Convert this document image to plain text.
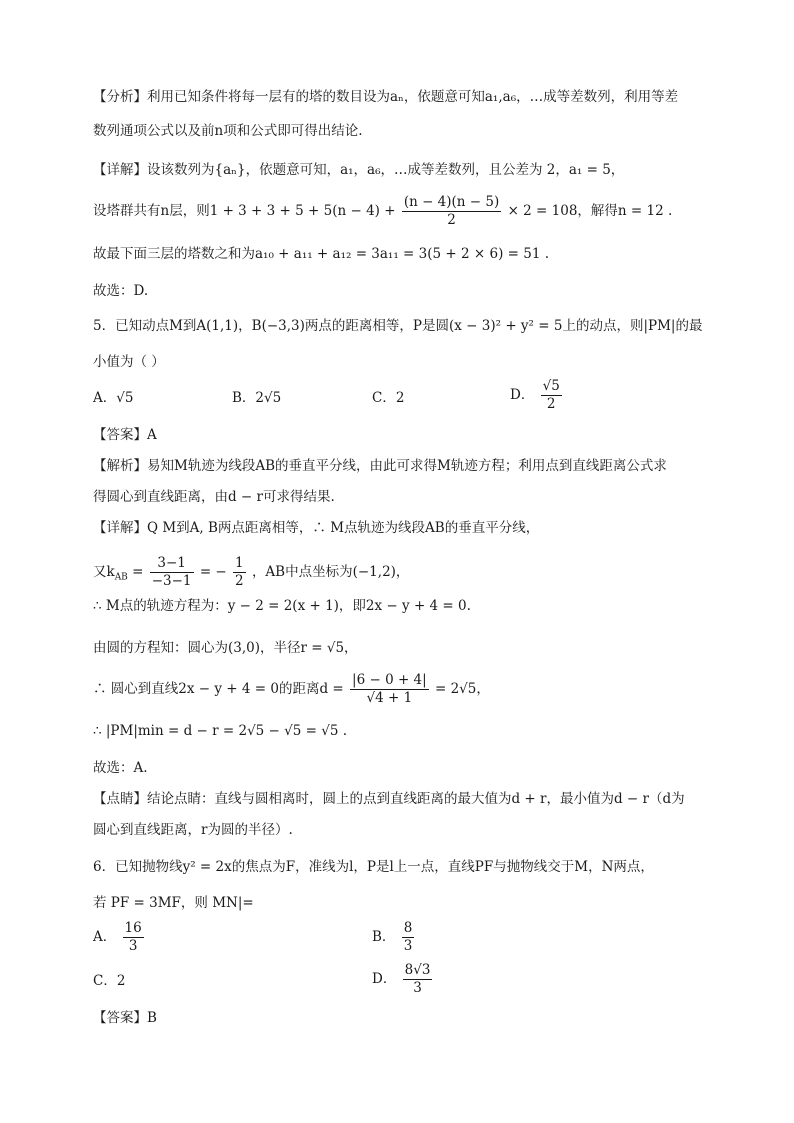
【分析】利用已知条件将每一层有的塔的数目设为aₙ，依题意可知a₁,a₆，…成等差数列，利用等差
数列通项公式以及前n项和公式即可得出结论.
【详解】设该数列为{aₙ}，依题意可知，a₁，a₆，…成等差数列，且公差为 2，a₁ = 5，
设塔群共有n层，则$1 + 3 + 3 + 5 + 5(n - 4) + \frac{(n - 4)(n - 5)}{2} \times 2 = 108$，解得n = 12 .
故最下面三层的塔数之和为a₁₀ + a₁₁ + a₁₂ = 3a₁₁ = 3(5 + 2 × 6) = 51 .
故选：D.
5．已知动点M到A(1,1)，B(−3,3)两点的距离相等，P是圆(x − 3)² + y² = 5上的动点，则|PM|的最
小值为（ ）
A．√5	B．2√5	C．2	D． $\frac{√5}{2}$
【答案】A
【解析】易知M轨迹为线段AB的垂直平分线，由此可求得M轨迹方程；利用点到直线距离公式求
得圆心到直线距离，由d − r可求得结果.
【详解】Q M到A, B两点距离相等，∴ M点轨迹为线段AB的垂直平分线，
又$k_{AB} = \frac{3-1}{-3-1}$ = − $\frac{1}{2}$ ，AB中点坐标为(−1,2)，
∴ M点的轨迹方程为：y − 2 = 2(x + 1)，即2x − y + 4 = 0.
由圆的方程知：圆心为(3,0)，半径r = √5，
∴ 圆心到直线2x − y + 4 = 0的距离$d = \frac{|6 - 0 + 4|}{√4 + 1} = 2√5$，
∴ |PM|min = d − r = 2√5 − √5 = √5 .
故选：A.
【点睛】结论点睛：直线与圆相离时，圆上的点到直线距离的最大值为d + r，最小值为d − r（d为
圆心到直线距离，r为圆的半径）.
6．已知抛物线y² = 2x的焦点为F，准线为l，P是l上一点，直线PF与抛物线交于M，N两点，
若 PF = 3MF，则 MN|=
A． $\frac{16}{3}$	B． $\frac{8}{3}$
C．2	D． $\frac{8√3}{3}$
【答案】B
